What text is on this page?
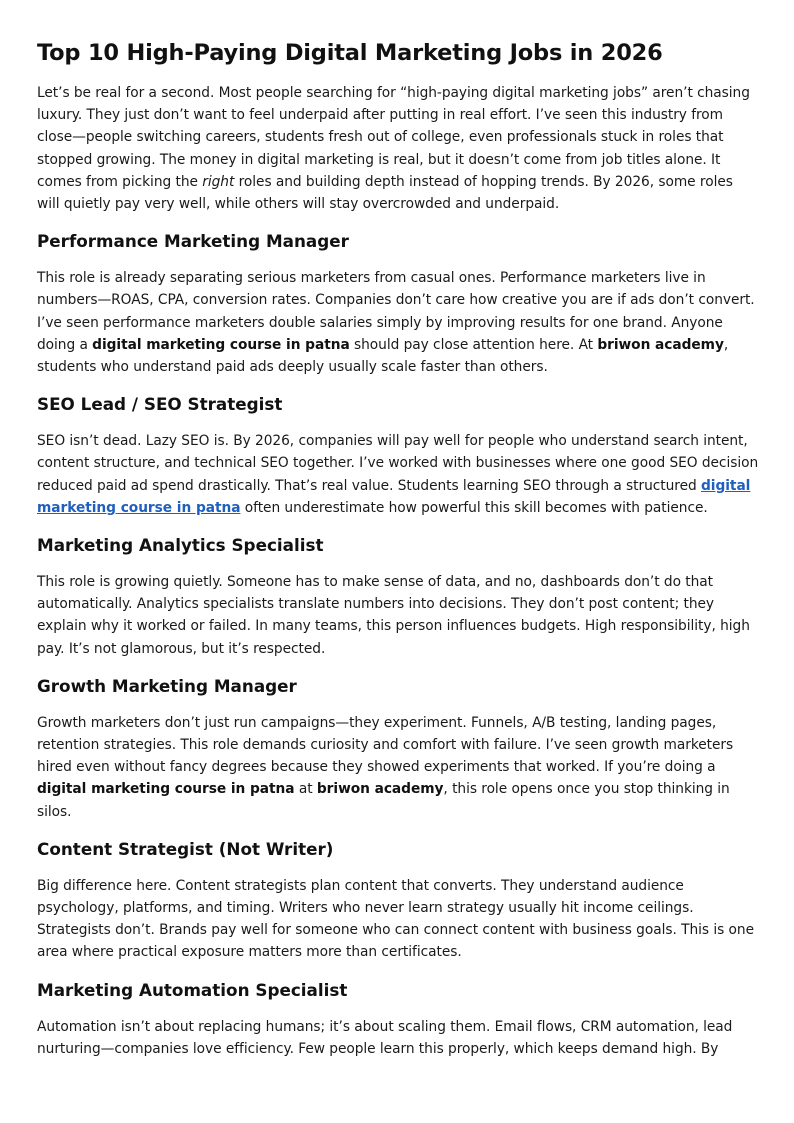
Top 10 High-Paying Digital Marketing Jobs in 2026

Let’s be real for a second. Most people searching for “high-paying digital marketing jobs” aren’t chasing luxury. They just don’t want to feel underpaid after putting in real effort. I’ve seen this industry from close—people switching careers, students fresh out of college, even professionals stuck in roles that stopped growing. The money in digital marketing is real, but it doesn’t come from job titles alone. It comes from picking the right roles and building depth instead of hopping trends. By 2026, some roles will quietly pay very well, while others will stay overcrowded and underpaid.

Performance Marketing Manager

This role is already separating serious marketers from casual ones. Performance marketers live in numbers—ROAS, CPA, conversion rates. Companies don’t care how creative you are if ads don’t convert. I’ve seen performance marketers double salaries simply by improving results for one brand. Anyone doing a digital marketing course in patna should pay close attention here. At briwon academy, students who understand paid ads deeply usually scale faster than others.

SEO Lead / SEO Strategist

SEO isn’t dead. Lazy SEO is. By 2026, companies will pay well for people who understand search intent, content structure, and technical SEO together. I’ve worked with businesses where one good SEO decision reduced paid ad spend drastically. That’s real value. Students learning SEO through a structured digital marketing course in patna often underestimate how powerful this skill becomes with patience.

Marketing Analytics Specialist

This role is growing quietly. Someone has to make sense of data, and no, dashboards don’t do that automatically. Analytics specialists translate numbers into decisions. They don’t post content; they explain why it worked or failed. In many teams, this person influences budgets. High responsibility, high pay. It’s not glamorous, but it’s respected.

Growth Marketing Manager

Growth marketers don’t just run campaigns—they experiment. Funnels, A/B testing, landing pages, retention strategies. This role demands curiosity and comfort with failure. I’ve seen growth marketers hired even without fancy degrees because they showed experiments that worked. If you’re doing a digital marketing course in patna at briwon academy, this role opens once you stop thinking in silos.

Content Strategist (Not Writer)

Big difference here. Content strategists plan content that converts. They understand audience psychology, platforms, and timing. Writers who never learn strategy usually hit income ceilings. Strategists don’t. Brands pay well for someone who can connect content with business goals. This is one area where practical exposure matters more than certificates.

Marketing Automation Specialist

Automation isn’t about replacing humans; it’s about scaling them. Email flows, CRM automation, lead nurturing—companies love efficiency. Few people learn this properly, which keeps demand high. By
